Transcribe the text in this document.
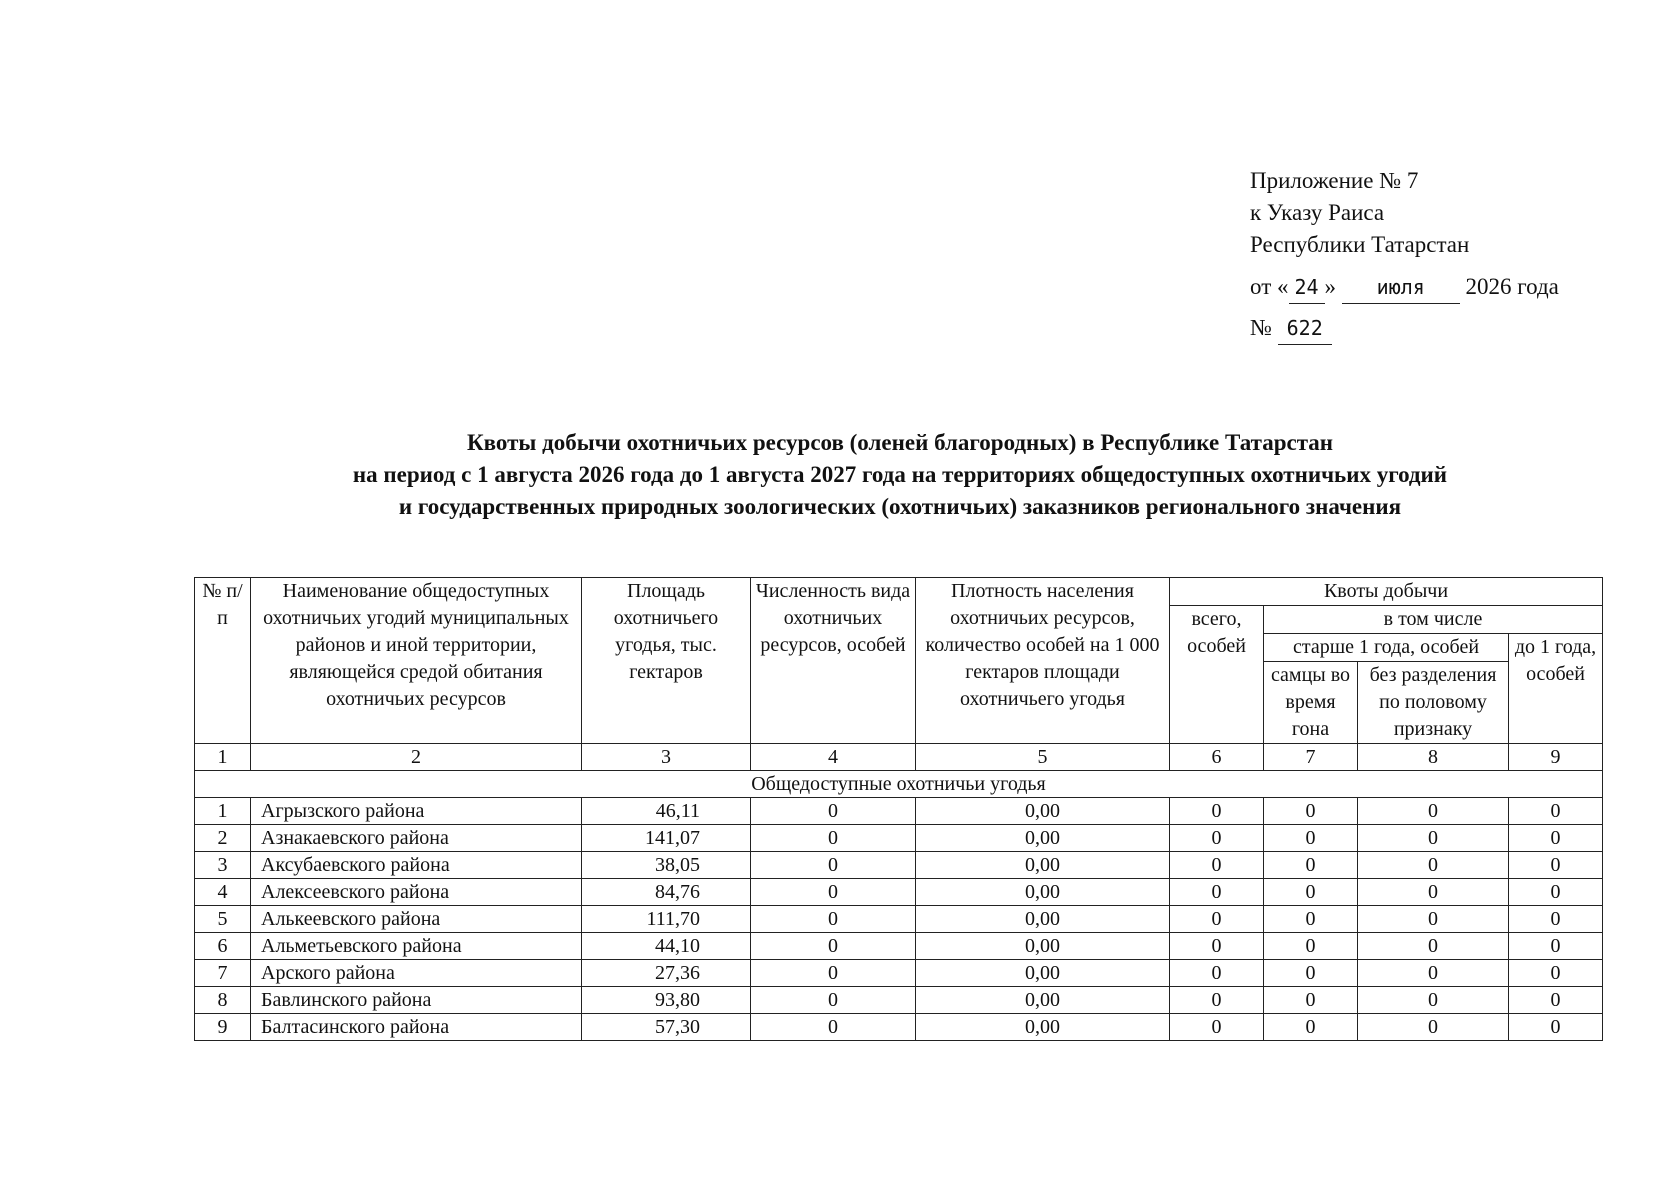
Приложение № 7
к Указу Раиса
Республики Татарстан
от « 24 » июля 2026 года
№ 622
Квоты добычи охотничьих ресурсов (оленей благородных) в Республике Татарстан
на период с 1 августа 2026 года до 1 августа 2027 года на территориях общедоступных охотничьих угодий
и государственных природных зоологических (охотничьих) заказников регионального значения
№ п/п	Наименование общедоступных охотничьих угодий муниципальных районов и иной территории, являющейся средой обитания охотничьих ресурсов	Площадь охотничьего угодья, тыс. гектаров	Численность вида охотничьих ресурсов, особей	Плотность населения охотничьих ресурсов, количество особей на 1 000 гектаров площади охотничьего угодья	Квоты добычи			
					всего, особей	в том числе		
						старше 1 года, особей		до 1 года, особей
						самцы во время гона	без разделения по половому признаку	
1	2	3	4	5	6	7	8	9
Общедоступные охотничьи угодья								
1	Агрызского района	46,11	0	0,00	0	0	0	0
2	Азнакаевского района	141,07	0	0,00	0	0	0	0
3	Аксубаевского района	38,05	0	0,00	0	0	0	0
4	Алексеевского района	84,76	0	0,00	0	0	0	0
5	Алькеевского района	111,70	0	0,00	0	0	0	0
6	Альметьевского района	44,10	0	0,00	0	0	0	0
7	Арского района	27,36	0	0,00	0	0	0	0
8	Бавлинского района	93,80	0	0,00	0	0	0	0
9	Балтасинского района	57,30	0	0,00	0	0	0	0
